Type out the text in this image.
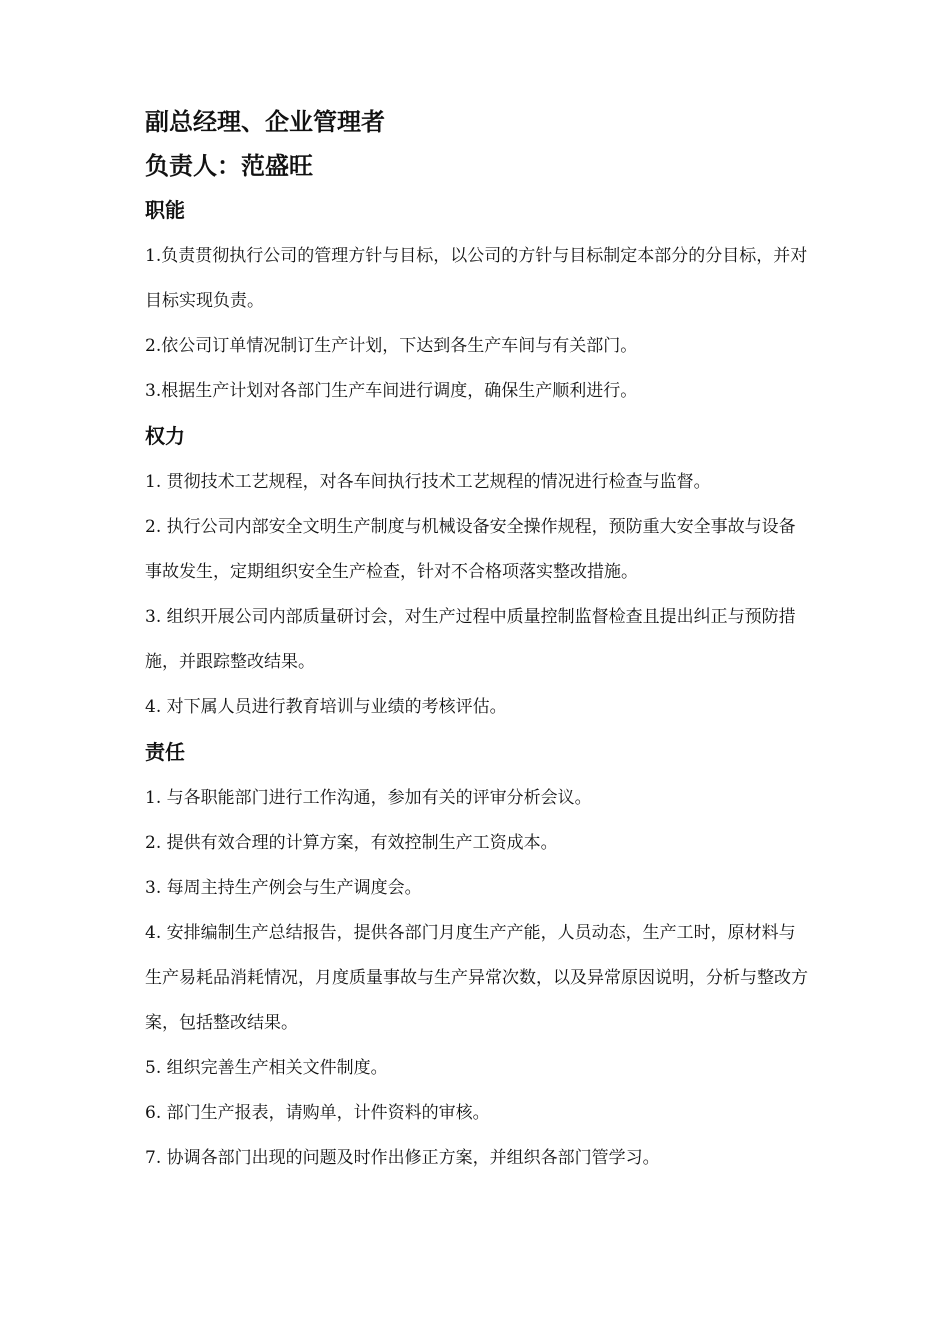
副总经理、企业管理者
负责人：范盛旺
职能

1.负责贯彻执行公司的管理方针与目标，以公司的方针与目标制定本部分的分目标，并对目标实现负责。

2.依公司订单情况制订生产计划，下达到各生产车间与有关部门。

3.根据生产计划对各部门生产车间进行调度，确保生产顺利进行。

权力

1. 贯彻技术工艺规程，对各车间执行技术工艺规程的情况进行检查与监督。

2. 执行公司内部安全文明生产制度与机械设备安全操作规程，预防重大安全事故与设备事故发生，定期组织安全生产检查，针对不合格项落实整改措施。

3. 组织开展公司内部质量研讨会，对生产过程中质量控制监督检查且提出纠正与预防措施，并跟踪整改结果。

4. 对下属人员进行教育培训与业绩的考核评估。

责任

1. 与各职能部门进行工作沟通，参加有关的评审分析会议。

2. 提供有效合理的计算方案，有效控制生产工资成本。

3. 每周主持生产例会与生产调度会。

4. 安排编制生产总结报告，提供各部门月度生产产能，人员动态，生产工时，原材料与生产易耗品消耗情况，月度质量事故与生产异常次数，以及异常原因说明，分析与整改方案，包括整改结果。

5. 组织完善生产相关文件制度。

6. 部门生产报表，请购单，计件资料的审核。

7. 协调各部门出现的问题及时作出修正方案，并组织各部门管学习。
